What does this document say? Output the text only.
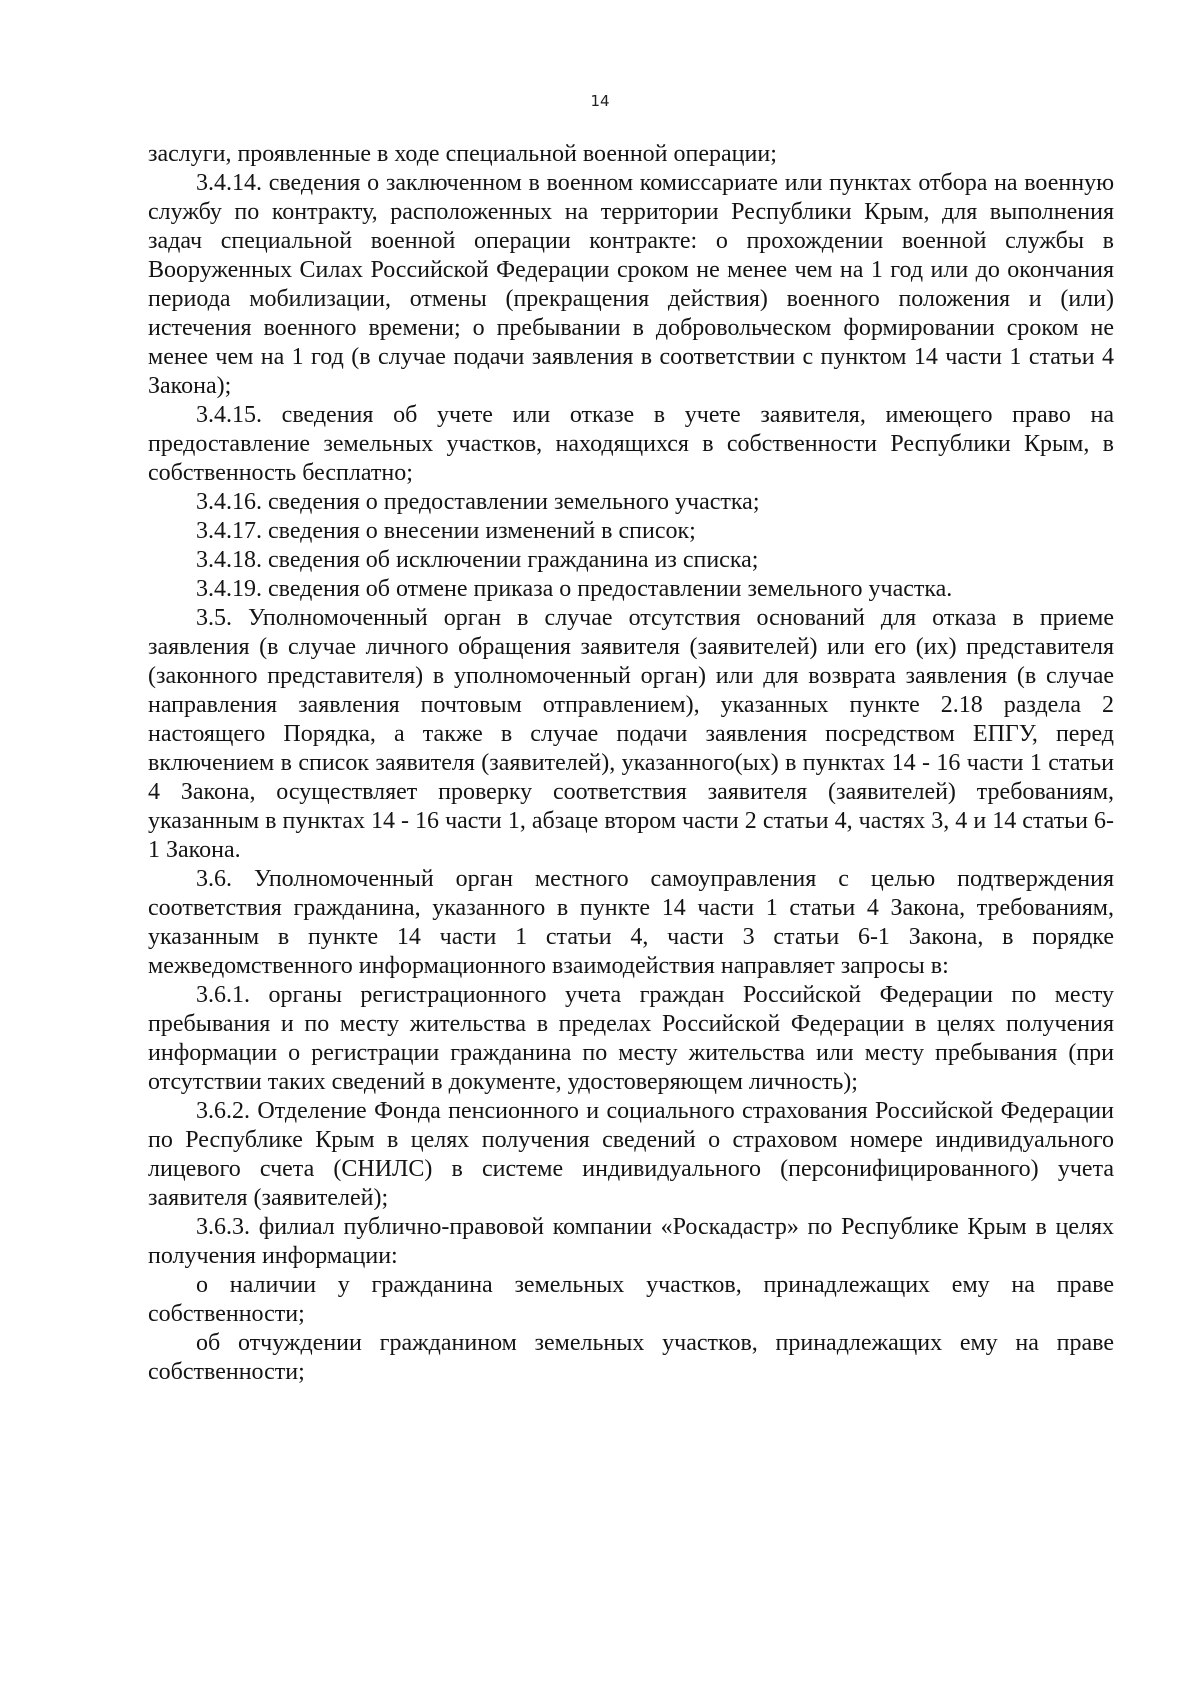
14

заслуги, проявленные в ходе специальной военной операции;

3.4.14. сведения о заключенном в военном комиссариате или пунктах отбора на военную службу по контракту, расположенных на территории Республики Крым, для выполнения задач специальной военной операции контракте: о прохождении военной службы в Вооруженных Силах Российской Федерации сроком не менее чем на 1 год или до окончания периода мобилизации, отмены (прекращения действия) военного положения и (или) истечения военного времени; о пребывании в добровольческом формировании сроком не менее чем на 1 год (в случае подачи заявления в соответствии с пунктом 14 части 1 статьи 4 Закона);

3.4.15. сведения об учете или отказе в учете заявителя, имеющего право на предоставление земельных участков, находящихся в собственности Республики Крым, в собственность бесплатно;

3.4.16. сведения о предоставлении земельного участка;

3.4.17. сведения о внесении изменений в список;

3.4.18. сведения об исключении гражданина из списка;

3.4.19. сведения об отмене приказа о предоставлении земельного участка.

3.5. Уполномоченный орган в случае отсутствия оснований для отказа в приеме заявления (в случае личного обращения заявителя (заявителей) или его (их) представителя (законного представителя) в уполномоченный орган) или для возврата заявления (в случае направления заявления почтовым отправлением), указанных пункте 2.18 раздела 2 настоящего Порядка, а также в случае подачи заявления посредством ЕПГУ, перед включением в список заявителя (заявителей), указанного(ых) в пунктах 14 - 16 части 1 статьи 4 Закона, осуществляет проверку соответствия заявителя (заявителей) требованиям, указанным в пунктах 14 - 16 части 1, абзаце втором части 2 статьи 4, частях 3, 4 и 14 статьи 6-1 Закона.

3.6. Уполномоченный орган местного самоуправления с целью подтверждения соответствия гражданина, указанного в пункте 14 части 1 статьи 4 Закона, требованиям, указанным в пункте 14 части 1 статьи 4, части 3 статьи 6-1 Закона, в порядке межведомственного информационного взаимодействия направляет запросы в:

3.6.1. органы регистрационного учета граждан Российской Федерации по месту пребывания и по месту жительства в пределах Российской Федерации в целях получения информации о регистрации гражданина по месту жительства или месту пребывания (при отсутствии таких сведений в документе, удостоверяющем личность);

3.6.2. Отделение Фонда пенсионного и социального страхования Российской Федерации по Республике Крым в целях получения сведений о страховом номере индивидуального лицевого счета (СНИЛС) в системе индивидуального (персонифицированного) учета заявителя (заявителей);

3.6.3. филиал публично-правовой компании «Роскадастр» по Республике Крым в целях получения информации:

о наличии у гражданина земельных участков, принадлежащих ему на праве собственности;

об отчуждении гражданином земельных участков, принадлежащих ему на праве собственности;
